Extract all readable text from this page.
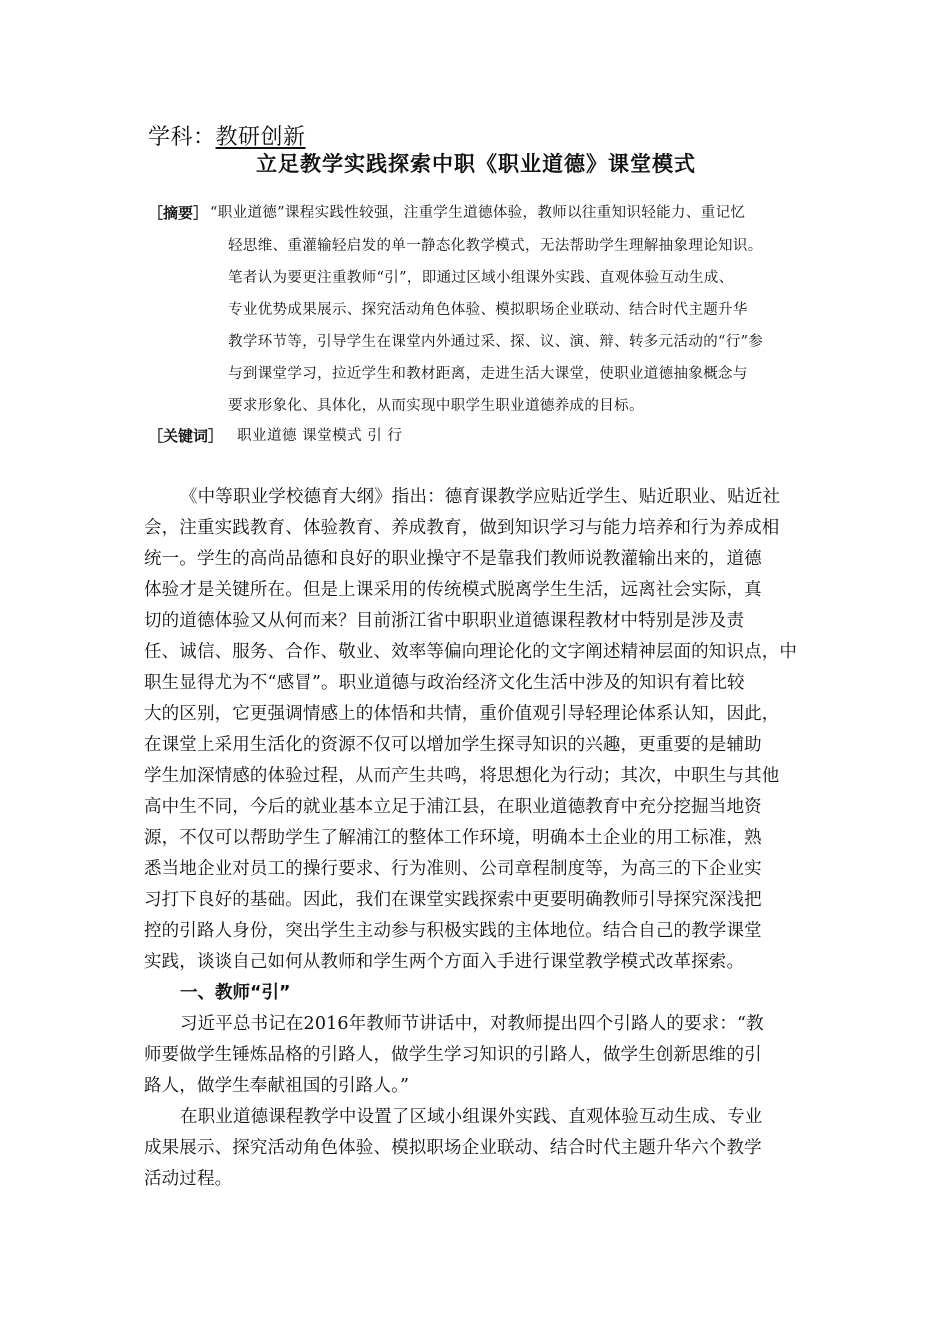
学科：教研创新
立足教学实践探索中职《职业道德》课堂模式
［摘要］ “职业道德”课程实践性较强，注重学生道德体验，教师以往重知识轻能力、重记忆
轻思维、重灌输轻启发的单一静态化教学模式，无法帮助学生理解抽象理论知识。
笔者认为要更注重教师“引”，即通过区域小组课外实践、直观体验互动生成、
专业优势成果展示、探究活动角色体验、模拟职场企业联动、结合时代主题升华
教学环节等，引导学生在课堂内外通过采、探、议、演、辩、转多元活动的“行”参
与到课堂学习，拉近学生和教材距离，走进生活大课堂，使职业道德抽象概念与
要求形象化、具体化，从而实现中职学生职业道德养成的目标。
［关键词］ 职业道德 课堂模式 引 行
《中等职业学校德育大纲》指出：德育课教学应贴近学生、贴近职业、贴近社
会，注重实践教育、体验教育、养成教育，做到知识学习与能力培养和行为养成相
统一。学生的高尚品德和良好的职业操守不是靠我们教师说教灌输出来的，道德
体验才是关键所在。但是上课采用的传统模式脱离学生生活，远离社会实际，真
切的道德体验又从何而来？目前浙江省中职职业道德课程教材中特别是涉及责
任、诚信、服务、合作、敬业、效率等偏向理论化的文字阐述精神层面的知识点，中
职生显得尤为不“感冒”。职业道德与政治经济文化生活中涉及的知识有着比较
大的区别，它更强调情感上的体悟和共情，重价值观引导轻理论体系认知，因此，
在课堂上采用生活化的资源不仅可以增加学生探寻知识的兴趣，更重要的是辅助
学生加深情感的体验过程，从而产生共鸣，将思想化为行动；其次，中职生与其他
高中生不同，今后的就业基本立足于浦江县，在职业道德教育中充分挖掘当地资
源，不仅可以帮助学生了解浦江的整体工作环境，明确本土企业的用工标准，熟
悉当地企业对员工的操行要求、行为准则、公司章程制度等，为高三的下企业实
习打下良好的基础。因此，我们在课堂实践探索中更要明确教师引导探究深浅把
控的引路人身份，突出学生主动参与积极实践的主体地位。结合自己的教学课堂
实践，谈谈自己如何从教师和学生两个方面入手进行课堂教学模式改革探索。
一、教师“引”
习近平总书记在2016年教师节讲话中，对教师提出四个引路人的要求：“教
师要做学生锤炼品格的引路人，做学生学习知识的引路人，做学生创新思维的引
路人，做学生奉献祖国的引路人。”
在职业道德课程教学中设置了区域小组课外实践、直观体验互动生成、专业
成果展示、探究活动角色体验、模拟职场企业联动、结合时代主题升华六个教学
活动过程。
